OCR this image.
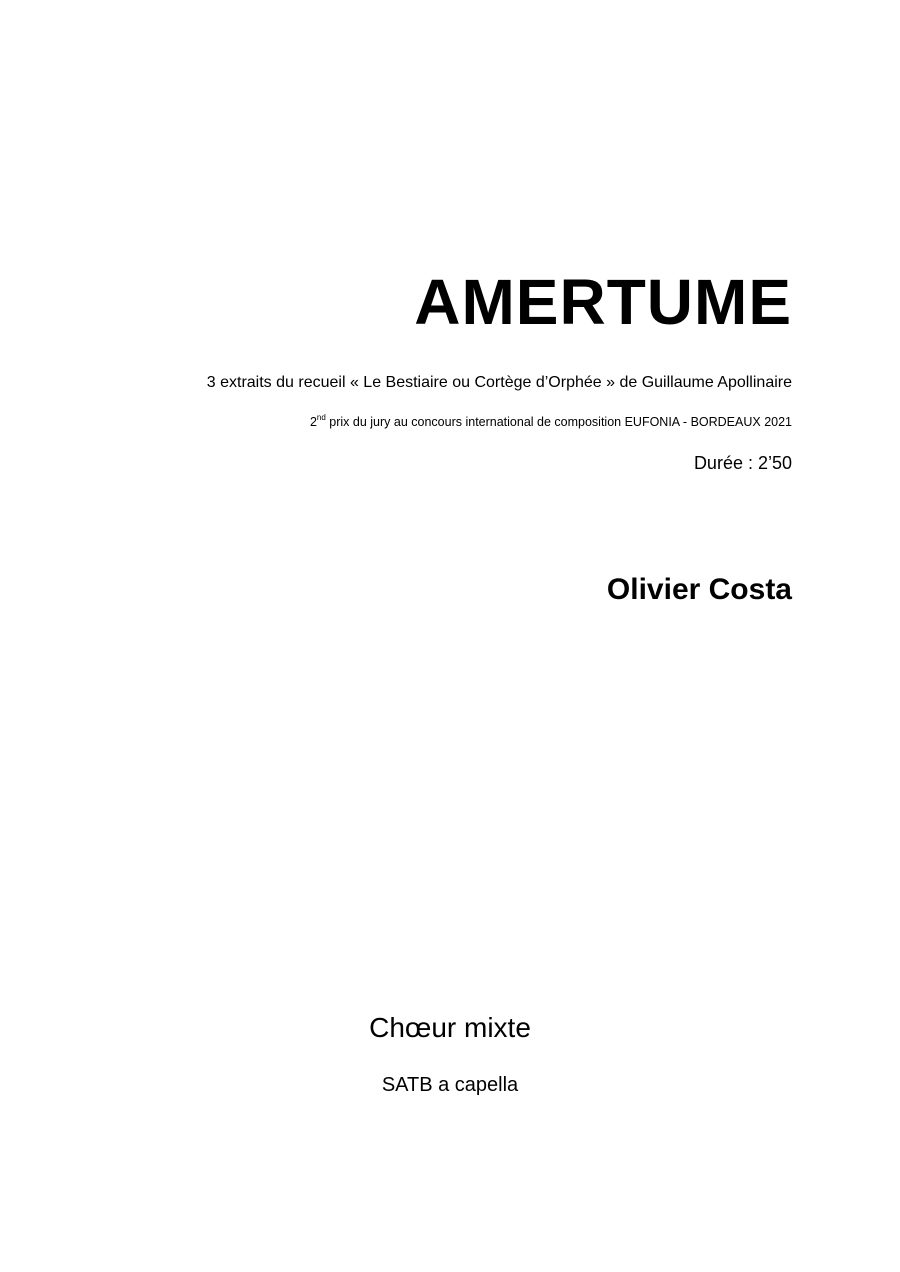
AMERTUME
3 extraits du recueil « Le Bestiaire ou Cortège d’Orphée » de Guillaume Apollinaire
2nd prix du jury au concours international de composition EUFONIA - BORDEAUX 2021
Durée : 2’50
Olivier Costa
Chœur mixte
SATB a capella
